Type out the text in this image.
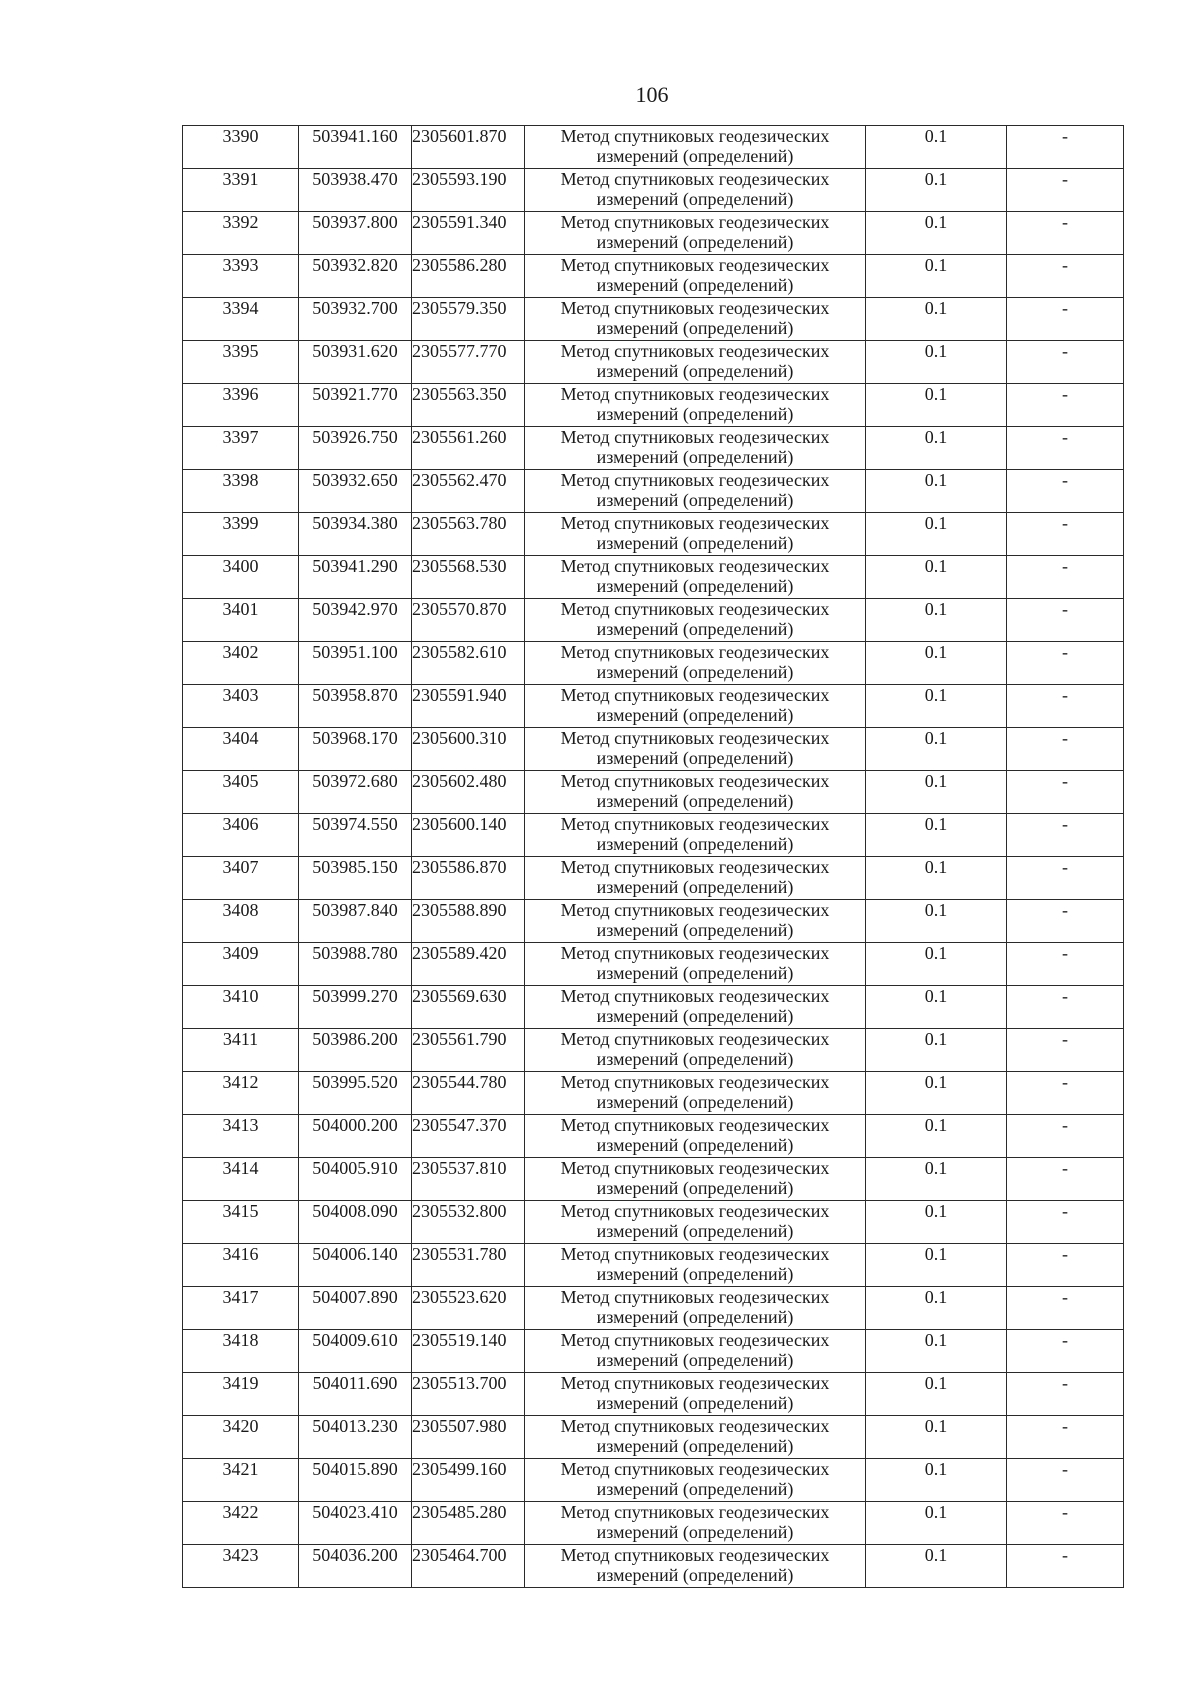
106
3390	503941.160	2305601.870	Метод спутниковых геодезических
измерений (определений)	0.1	-

3391	503938.470	2305593.190	Метод спутниковых геодезических
измерений (определений)	0.1	-

3392	503937.800	2305591.340	Метод спутниковых геодезических
измерений (определений)	0.1	-

3393	503932.820	2305586.280	Метод спутниковых геодезических
измерений (определений)	0.1	-

3394	503932.700	2305579.350	Метод спутниковых геодезических
измерений (определений)	0.1	-

3395	503931.620	2305577.770	Метод спутниковых геодезических
измерений (определений)	0.1	-

3396	503921.770	2305563.350	Метод спутниковых геодезических
измерений (определений)	0.1	-

3397	503926.750	2305561.260	Метод спутниковых геодезических
измерений (определений)	0.1	-

3398	503932.650	2305562.470	Метод спутниковых геодезических
измерений (определений)	0.1	-

3399	503934.380	2305563.780	Метод спутниковых геодезических
измерений (определений)	0.1	-

3400	503941.290	2305568.530	Метод спутниковых геодезических
измерений (определений)	0.1	-

3401	503942.970	2305570.870	Метод спутниковых геодезических
измерений (определений)	0.1	-

3402	503951.100	2305582.610	Метод спутниковых геодезических
измерений (определений)	0.1	-

3403	503958.870	2305591.940	Метод спутниковых геодезических
измерений (определений)	0.1	-

3404	503968.170	2305600.310	Метод спутниковых геодезических
измерений (определений)	0.1	-

3405	503972.680	2305602.480	Метод спутниковых геодезических
измерений (определений)	0.1	-

3406	503974.550	2305600.140	Метод спутниковых геодезических
измерений (определений)	0.1	-

3407	503985.150	2305586.870	Метод спутниковых геодезических
измерений (определений)	0.1	-

3408	503987.840	2305588.890	Метод спутниковых геодезических
измерений (определений)	0.1	-

3409	503988.780	2305589.420	Метод спутниковых геодезических
измерений (определений)	0.1	-

3410	503999.270	2305569.630	Метод спутниковых геодезических
измерений (определений)	0.1	-

3411	503986.200	2305561.790	Метод спутниковых геодезических
измерений (определений)	0.1	-

3412	503995.520	2305544.780	Метод спутниковых геодезических
измерений (определений)	0.1	-

3413	504000.200	2305547.370	Метод спутниковых геодезических
измерений (определений)	0.1	-

3414	504005.910	2305537.810	Метод спутниковых геодезических
измерений (определений)	0.1	-

3415	504008.090	2305532.800	Метод спутниковых геодезических
измерений (определений)	0.1	-

3416	504006.140	2305531.780	Метод спутниковых геодезических
измерений (определений)	0.1	-

3417	504007.890	2305523.620	Метод спутниковых геодезических
измерений (определений)	0.1	-

3418	504009.610	2305519.140	Метод спутниковых геодезических
измерений (определений)	0.1	-

3419	504011.690	2305513.700	Метод спутниковых геодезических
измерений (определений)	0.1	-

3420	504013.230	2305507.980	Метод спутниковых геодезических
измерений (определений)	0.1	-

3421	504015.890	2305499.160	Метод спутниковых геодезических
измерений (определений)	0.1	-

3422	504023.410	2305485.280	Метод спутниковых геодезических
измерений (определений)	0.1	-

3423	504036.200	2305464.700	Метод спутниковых геодезических
измерений (определений)	0.1	-
